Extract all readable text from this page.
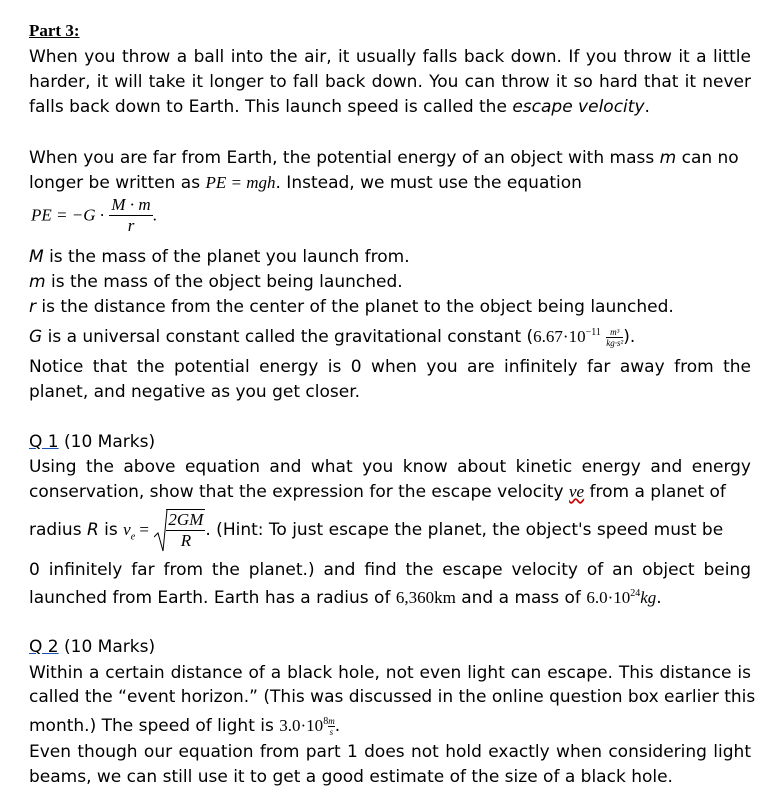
Part 3:
When you throw a ball into the air, it usually falls back down. If you throw it a little
harder, it will take it longer to fall back down. You can throw it so hard that it never
falls back down to Earth. This launch speed is called the escape velocity.
When you are far from Earth, the potential energy of an object with mass m can no
longer be written as PE = mgh. Instead, we must use the equation
PE = $-G \cdot \frac{M \cdot m}{r}$ .
M is the mass of the planet you launch from.
m is the mass of the object being launched.
r is the distance from the center of the planet to the object being launched.
G is a universal constant called the gravitational constant $(6.67\cdot 10^{-11} \frac{\text{m³}}{\text{kg·s²}})$.
Notice that the potential energy is 0 when you are infinitely far away from the
planet, and negative as you get closer.
Q 1 (10 Marks)
Using the above equation and what you know about kinetic energy and energy
conservation, show that the expression for the escape velocity ve from a planet of
radius R is $v_e = \frac{2GM}{R}$ . (Hint: To just escape the planet, the object's speed must be
0 infinitely far from the planet.) and find the escape velocity of an object being
launched from Earth. Earth has a radius of 6,360km and a mass of $6.0\cdot 10^{24}kg$.
Q 2 (10 Marks)
Within a certain distance of a black hole, not even light can escape. This distance is
called the “event horizon.” (This was discussed in the online question box earlier this
month.) The speed of light is $3.0\cdot 10^8 \frac{m}{s}$.
Even though our equation from part 1 does not hold exactly when considering light
beams, we can still use it to get a good estimate of the size of a black hole.
